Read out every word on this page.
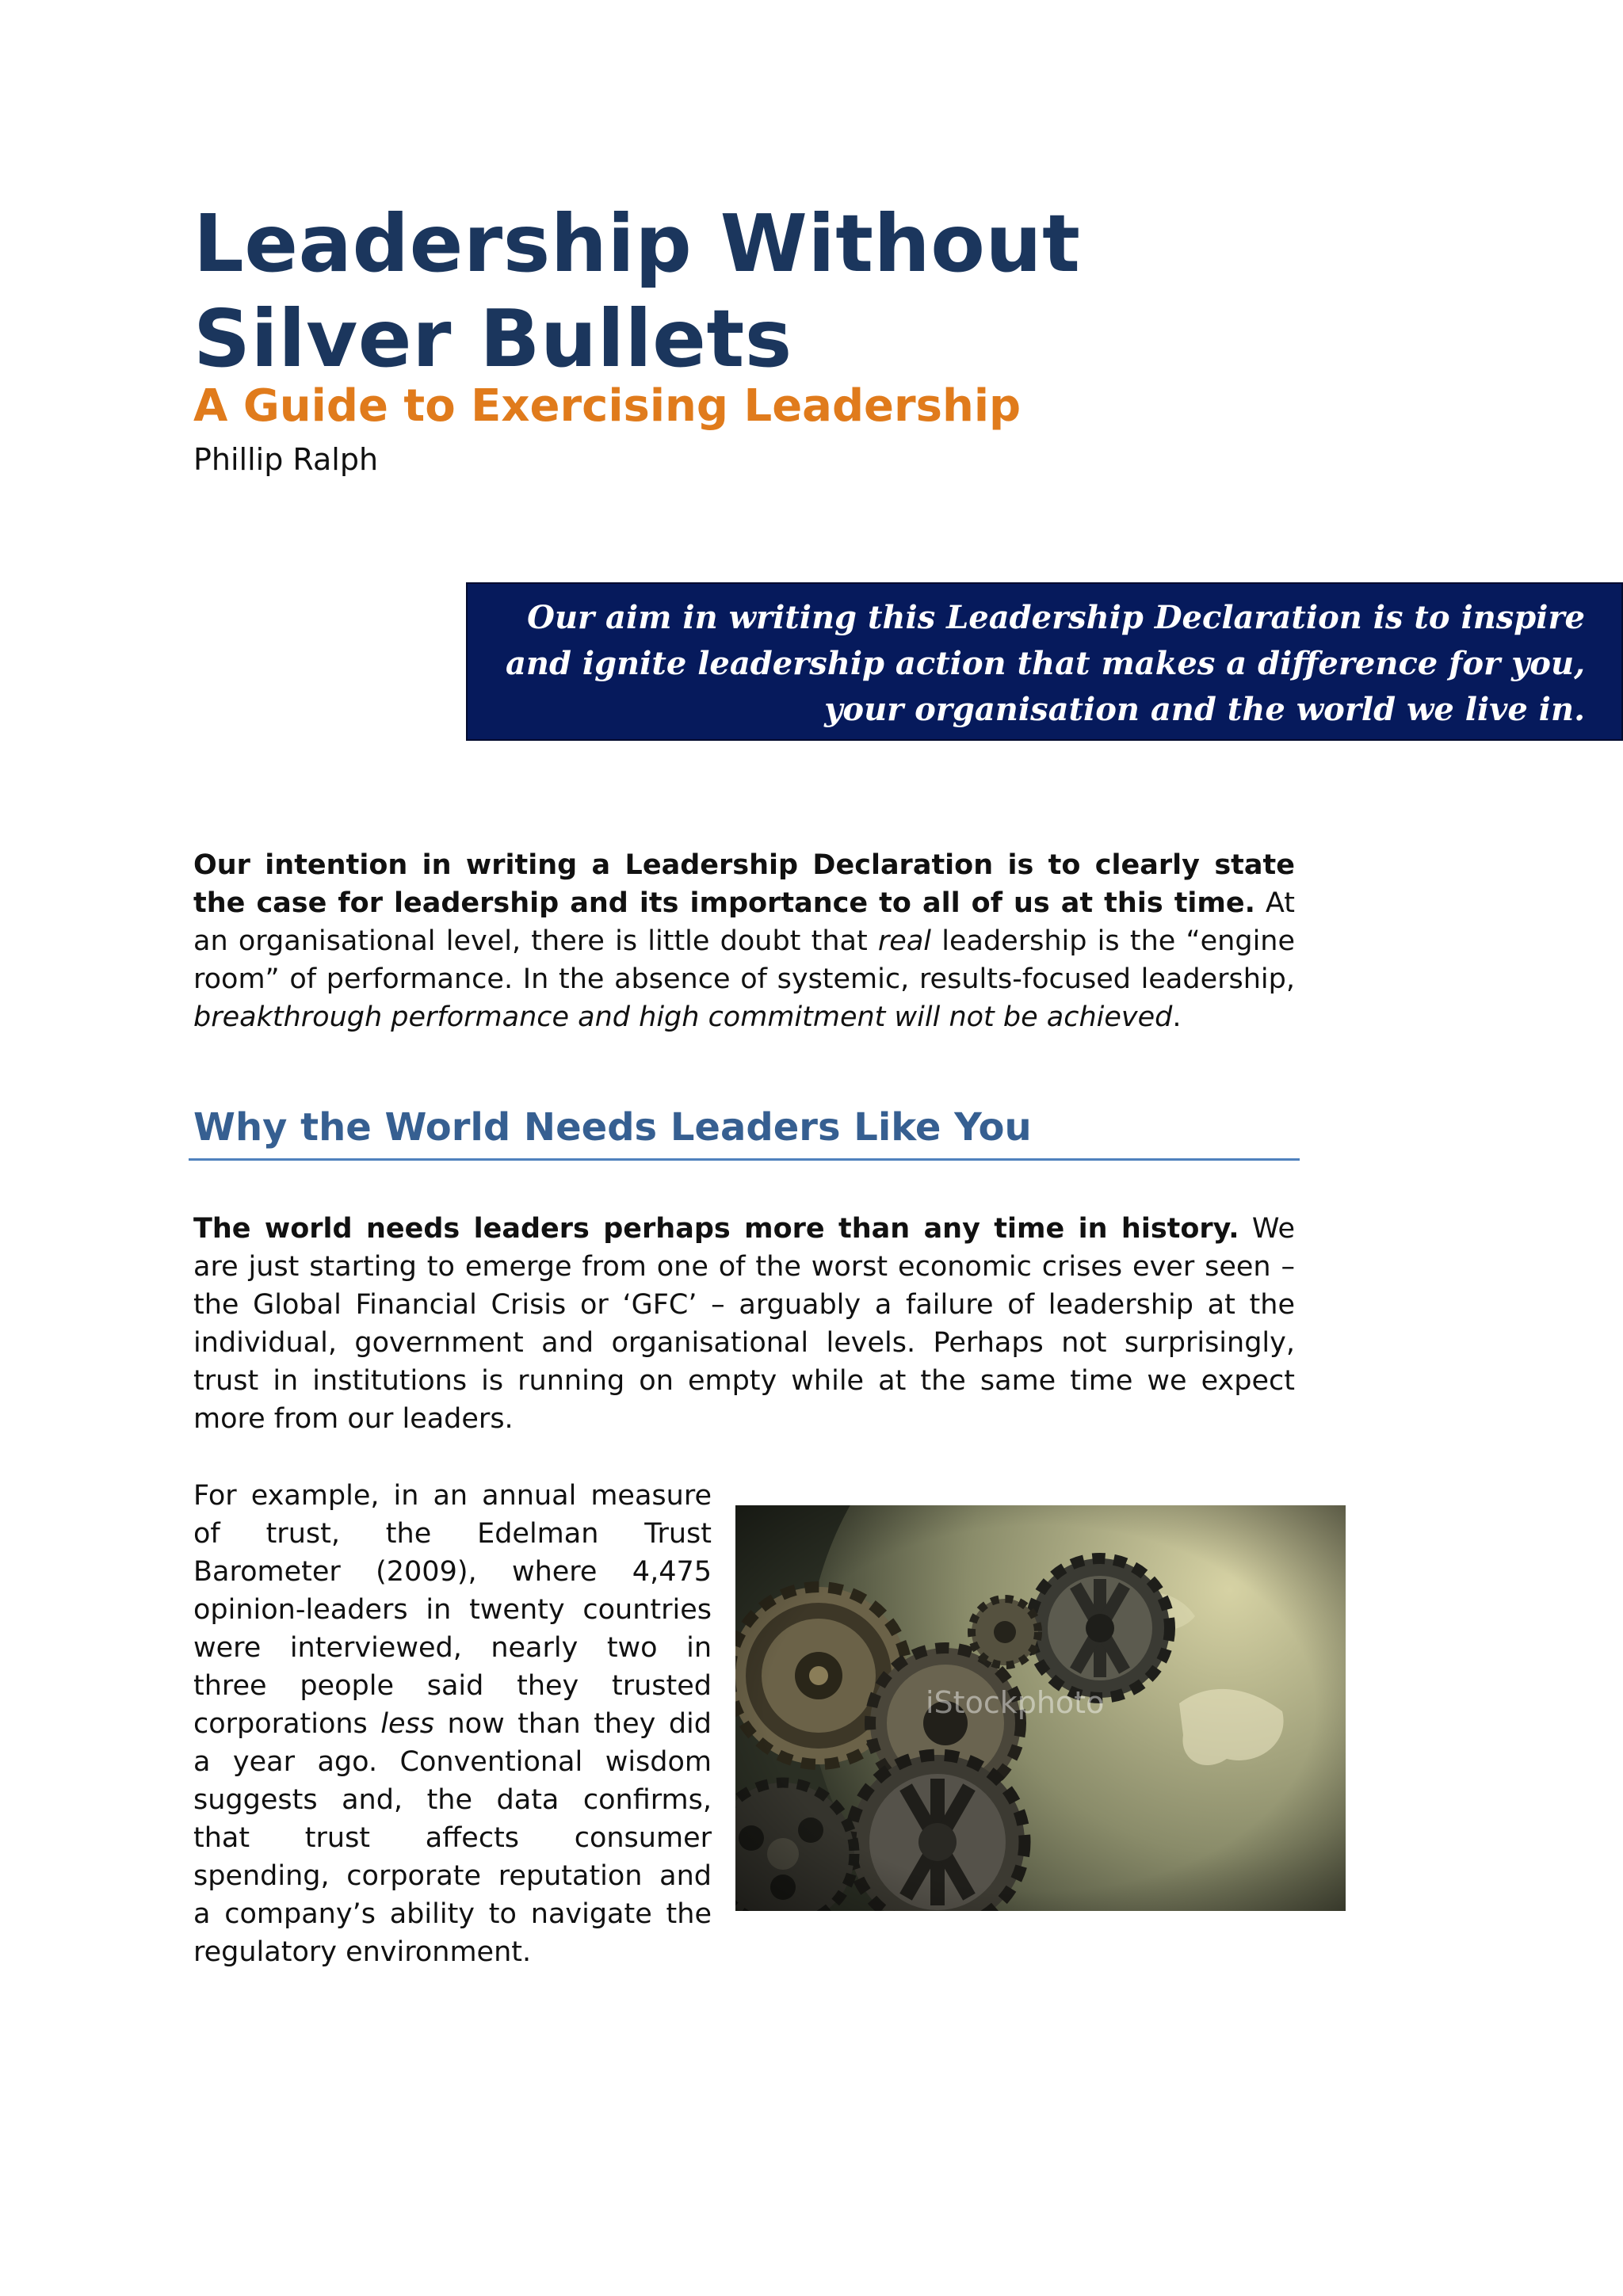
Leadership Without
Silver Bullets
A Guide to Exercising Leadership

Phillip Ralph

Our aim in writing this Leadership Declaration is to inspire
and ignite leadership action that makes a difference for you,
your organisation and the world we live in.

Our intention in writing a Leadership Declaration is to clearly state the case for leadership and its importance to all of us at this time. At an organisational level, there is little doubt that real leadership is the “engine room” of performance. In the absence of systemic, results-focused leadership, breakthrough performance and high commitment will not be achieved.

Why the World Needs Leaders Like You

The world needs leaders perhaps more than any time in history. We are just starting to emerge from one of the worst economic crises ever seen – the Global Financial Crisis or ‘GFC’ – arguably a failure of leadership at the individual, government and organisational levels. Perhaps not surprisingly, trust in institutions is running on empty while at the same time we expect more from our leaders.

For example, in an annual measure of trust, the Edelman Trust Barometer (2009), where 4,475 opinion-leaders in twenty countries were interviewed, nearly two in three people said they trusted corporations less now than they did a year ago. Conventional wisdom suggests and, the data confirms, that trust affects consumer spending, corporate reputation and a company’s ability to navigate the regulatory environment.
